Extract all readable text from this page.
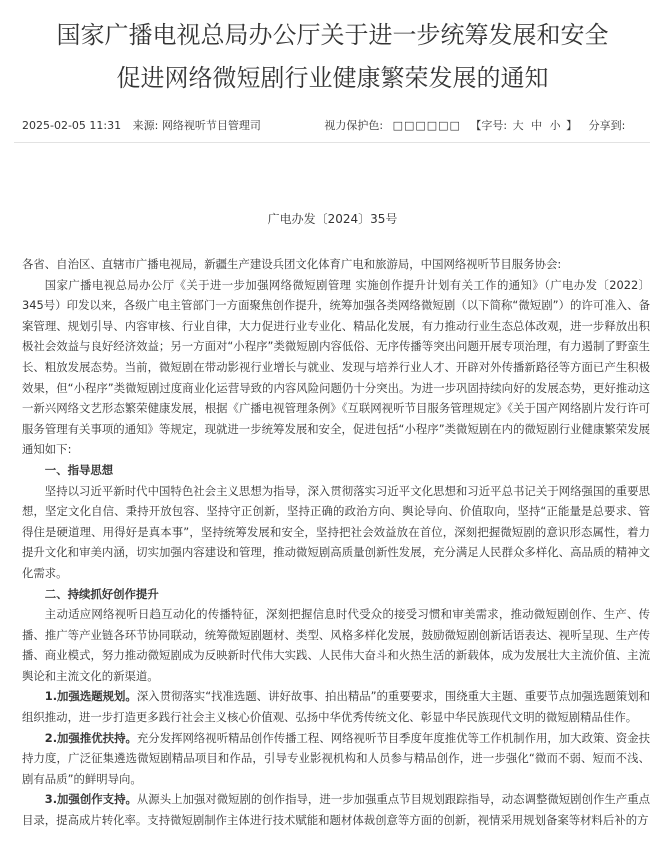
国家广播电视总局办公厅关于进一步统筹发展和安全
促进网络微短剧行业健康繁荣发展的通知
2025-02-05 11:31 来源: 网络视听节目管理司	视力保护色: □□□□□□ 【字号: 大 中 小 】 分享到:
广电办发〔2024〕35号

各省、自治区、直辖市广播电视局，新疆生产建设兵团文化体育广电和旅游局，中国网络视听节目服务协会:

国家广播电视总局办公厅《关于进一步加强网络微短剧管理 实施创作提升计划有关工作的通知》（广电办发〔2022〕345号）印发以来，各级广电主管部门一方面聚焦创作提升，统筹加强各类网络微短剧（以下简称“微短剧”）的许可准入、备案管理、规划引导、内容审核、行业自律，大力促进行业专业化、精品化发展，有力推动行业生态总体改观，进一步释放出积极社会效益与良好经济效益；另一方面对“小程序”类微短剧内容低俗、无序传播等突出问题开展专项治理，有力遏制了野蛮生长、粗放发展态势。当前，微短剧在带动影视行业增长与就业、发现与培养行业人才、开辟对外传播新路径等方面已产生积极效果，但“小程序”类微短剧过度商业化运营导致的内容风险问题仍十分突出。为进一步巩固持续向好的发展态势，更好推动这一新兴网络文艺形态繁荣健康发展，根据《广播电视管理条例》《互联网视听节目服务管理规定》《关于国产网络剧片发行许可服务管理有关事项的通知》等规定，现就进一步统筹发展和安全，促进包括“小程序”类微短剧在内的微短剧行业健康繁荣发展通知如下:

一、指导思想

坚持以习近平新时代中国特色社会主义思想为指导，深入贯彻落实习近平文化思想和习近平总书记关于网络强国的重要思想，坚定文化自信、秉持开放包容、坚持守正创新，坚持正确的政治方向、舆论导向、价值取向，坚持“正能量是总要求、管得住是硬道理、用得好是真本事”，坚持统筹发展和安全，坚持把社会效益放在首位，深刻把握微短剧的意识形态属性，着力提升文化和审美内涵，切实加强内容建设和管理，推动微短剧高质量创新性发展，充分满足人民群众多样化、高品质的精神文化需求。

二、持续抓好创作提升

主动适应网络视听日趋互动化的传播特征，深刻把握信息时代受众的接受习惯和审美需求，推动微短剧创作、生产、传播、推广等产业链各环节协同联动，统筹微短剧题材、类型、风格多样化发展，鼓励微短剧创新话语表达、视听呈现、生产传播、商业模式，努力推动微短剧成为反映新时代伟大实践、人民伟大奋斗和火热生活的新载体，成为发展壮大主流价值、主流舆论和主流文化的新渠道。

1.加强选题规划。深入贯彻落实“找准选题、讲好故事、拍出精品”的重要要求，围绕重大主题、重要节点加强选题策划和组织推动，进一步打造更多践行社会主义核心价值观、弘扬中华优秀传统文化、彰显中华民族现代文明的微短剧精品佳作。

2.加强推优扶持。充分发挥网络视听精品创作传播工程、网络视听节目季度年度推优等工作机制作用，加大政策、资金扶持力度，广泛征集遴选微短剧精品项目和作品，引导专业影视机构和人员参与精品创作，进一步强化“微而不弱、短而不浅、剧有品质”的鲜明导向。

3.加强创作支持。从源头上加强对微短剧的创作指导，进一步加强重点节目规划跟踪指导，动态调整微短剧创作生产重点目录，提高成片转化率。支持微短剧制作主体进行技术赋能和题材体裁创意等方面的创新，视情采用规划备案等材料后补的方
